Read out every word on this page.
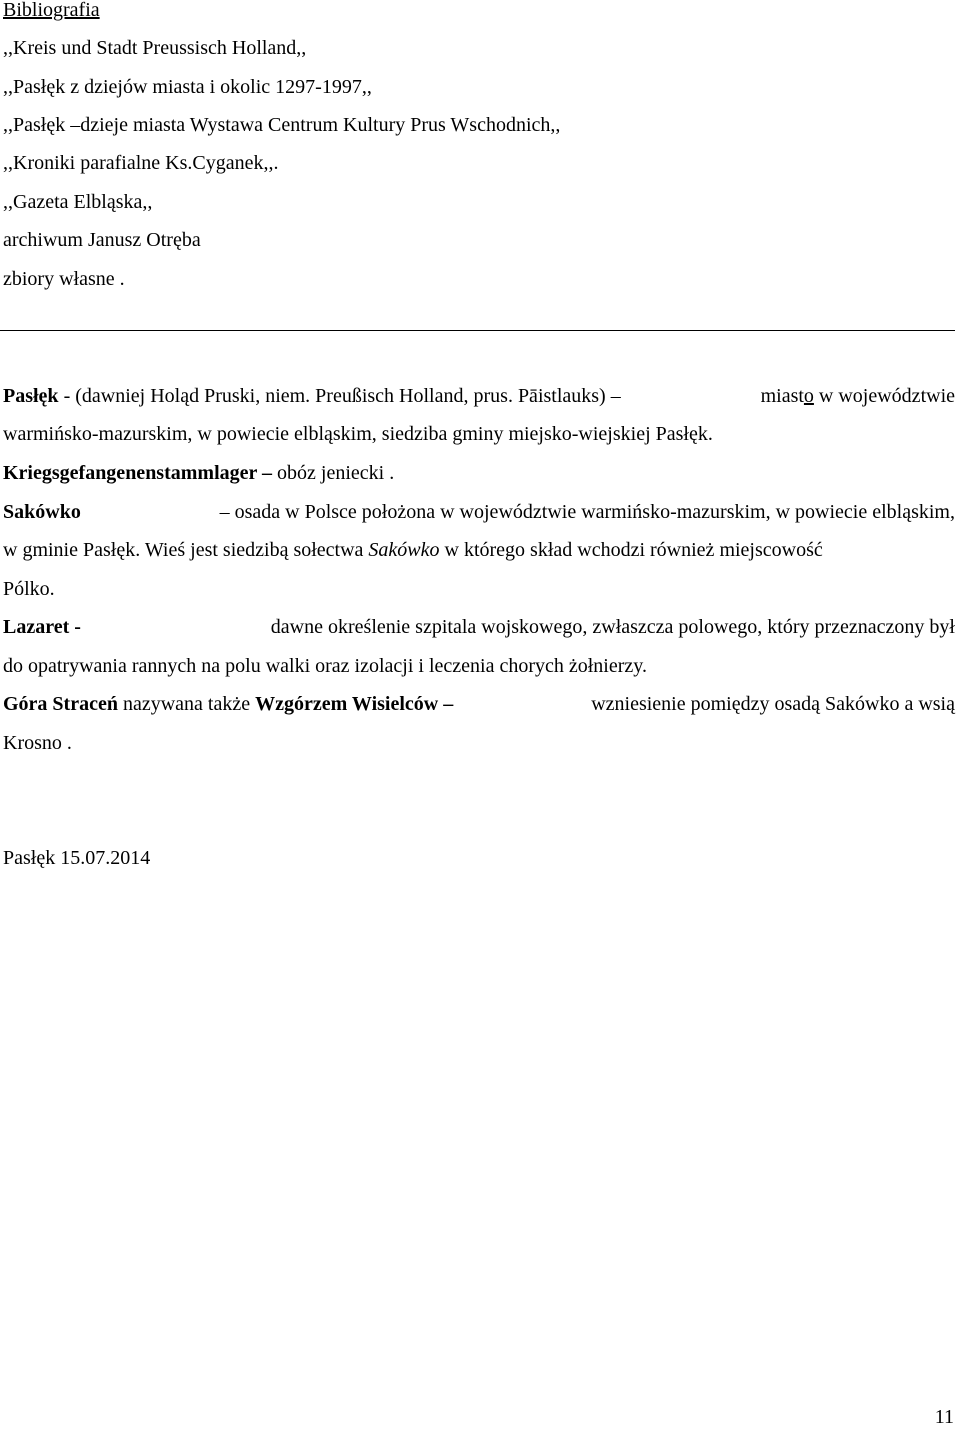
Bibliografia
,,Kreis und Stadt Preussisch Holland,,
,,Pasłęk z dziejów miasta i okolic 1297-1997,,
,,Pasłęk –dzieje miasta Wystawa Centrum Kultury Prus Wschodnich,,
,,Kroniki parafialne Ks.Cyganek,,.
,,Gazeta Elbląska,,
archiwum Janusz Otręba
zbiory własne .
Pasłęk - (dawniej Holąd Pruski, niem. Preußisch Holland, prus. Pāistlauks) –	miasto w województwie
warmińsko-mazurskim, w powiecie elbląskim, siedziba gminy miejsko-wiejskiej Pasłęk.
Kriegsgefangenenstammlager – obóz jeniecki .
Sakówko	– osada w Polsce położona w województwie warmińsko-mazurskim, w powiecie elbląskim,
w gminie Pasłęk. Wieś jest siedzibą sołectwa Sakówko w którego skład wchodzi również miejscowość
Pólko.
Lazaret -	dawne określenie szpitala wojskowego, zwłaszcza polowego, który przeznaczony był
do opatrywania rannych na polu walki oraz izolacji i leczenia chorych żołnierzy.
Góra Straceń nazywana także Wzgórzem Wisielców –	wzniesienie pomiędzy osadą Sakówko a wsią
Krosno .
Pasłęk 15.07.2014
11
